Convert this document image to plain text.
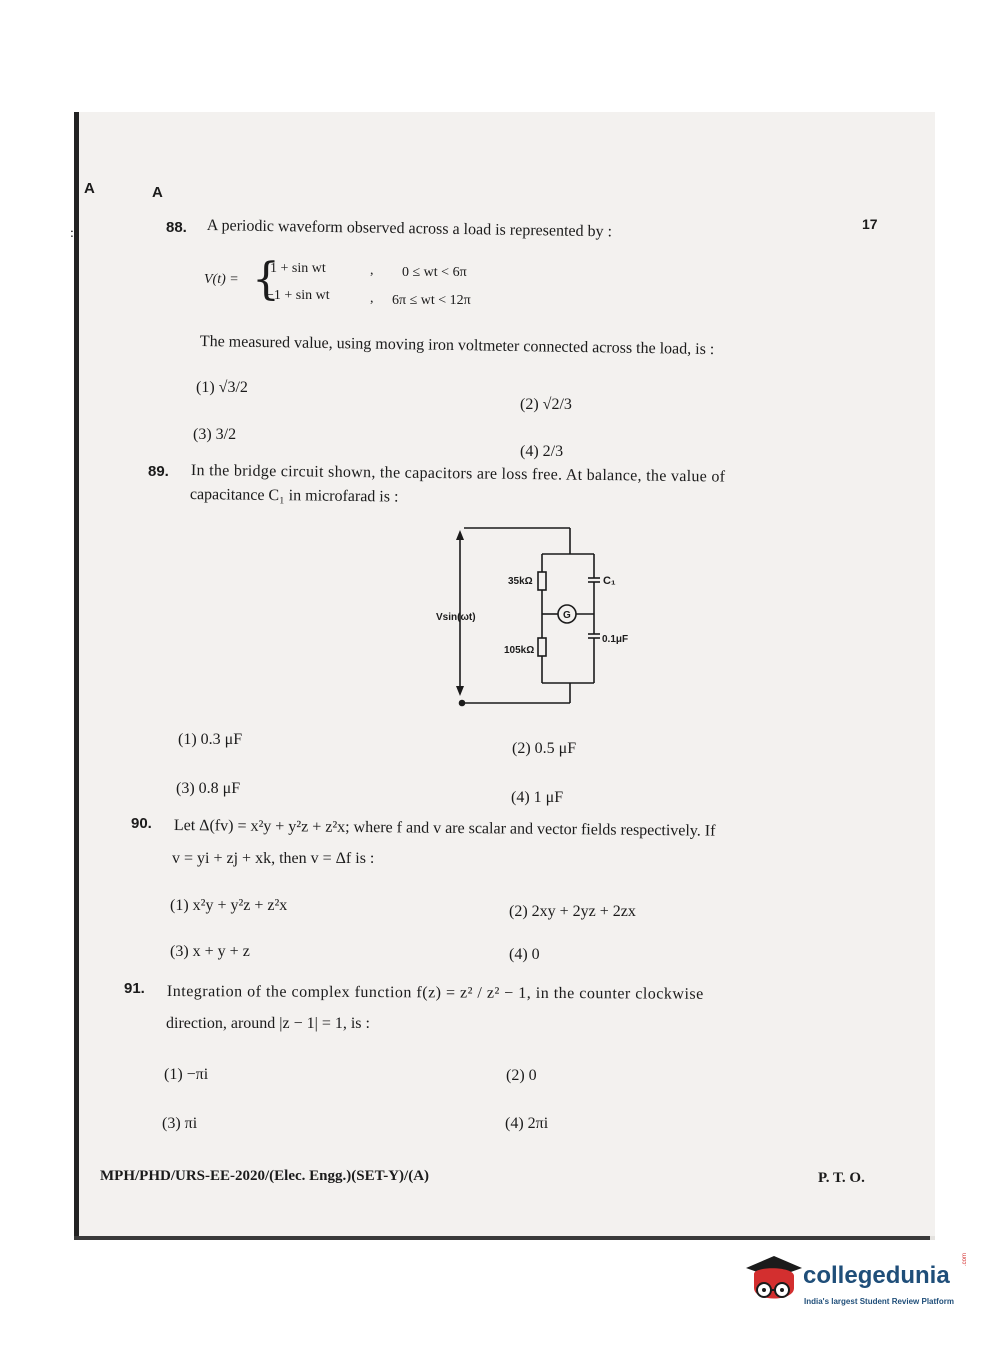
A
:
A
17
88. A periodic waveform observed across a load is represented by :
V(t) = {
1 + sin wt	, 0 ≤ wt < 6π
−1 + sin wt	, 6π ≤ wt < 12π
The measured value, using moving iron voltmeter connected across the load, is :
(1) √3/2
(2) √2/3
(3) 3/2
(4) 2/3
89. In the bridge circuit shown, the capacitors are loss free. At balance, the value of
capacitance C₁ in microfarad is :
Vsin(ωt)
35kΩ
105kΩ
C₁
0.1μF
G
(1) 0.3 μF
(2) 0.5 μF
(3) 0.8 μF
(4) 1 μF
90. Let Δ(fv) = x²y + y²z + z²x; where f and v are scalar and vector fields respectively. If
v = yi + zj + xk, then v = Δf is :
(1) x²y + y²z + z²x	(2) 2xy + 2yz + 2zx
(3) x + y + z	(4) 0
91. Integration of the complex function f(z) = z² / z² − 1, in the counter clockwise
direction, around |z − 1| = 1, is :
(1) −πi	(2) 0
(3) πi	(4) 2πi
MPH/PHD/URS-EE-2020/(Elec. Engg.)(SET-Y)/(A)	P. T. O.
collegedunia
.com
India's largest Student Review Platform
